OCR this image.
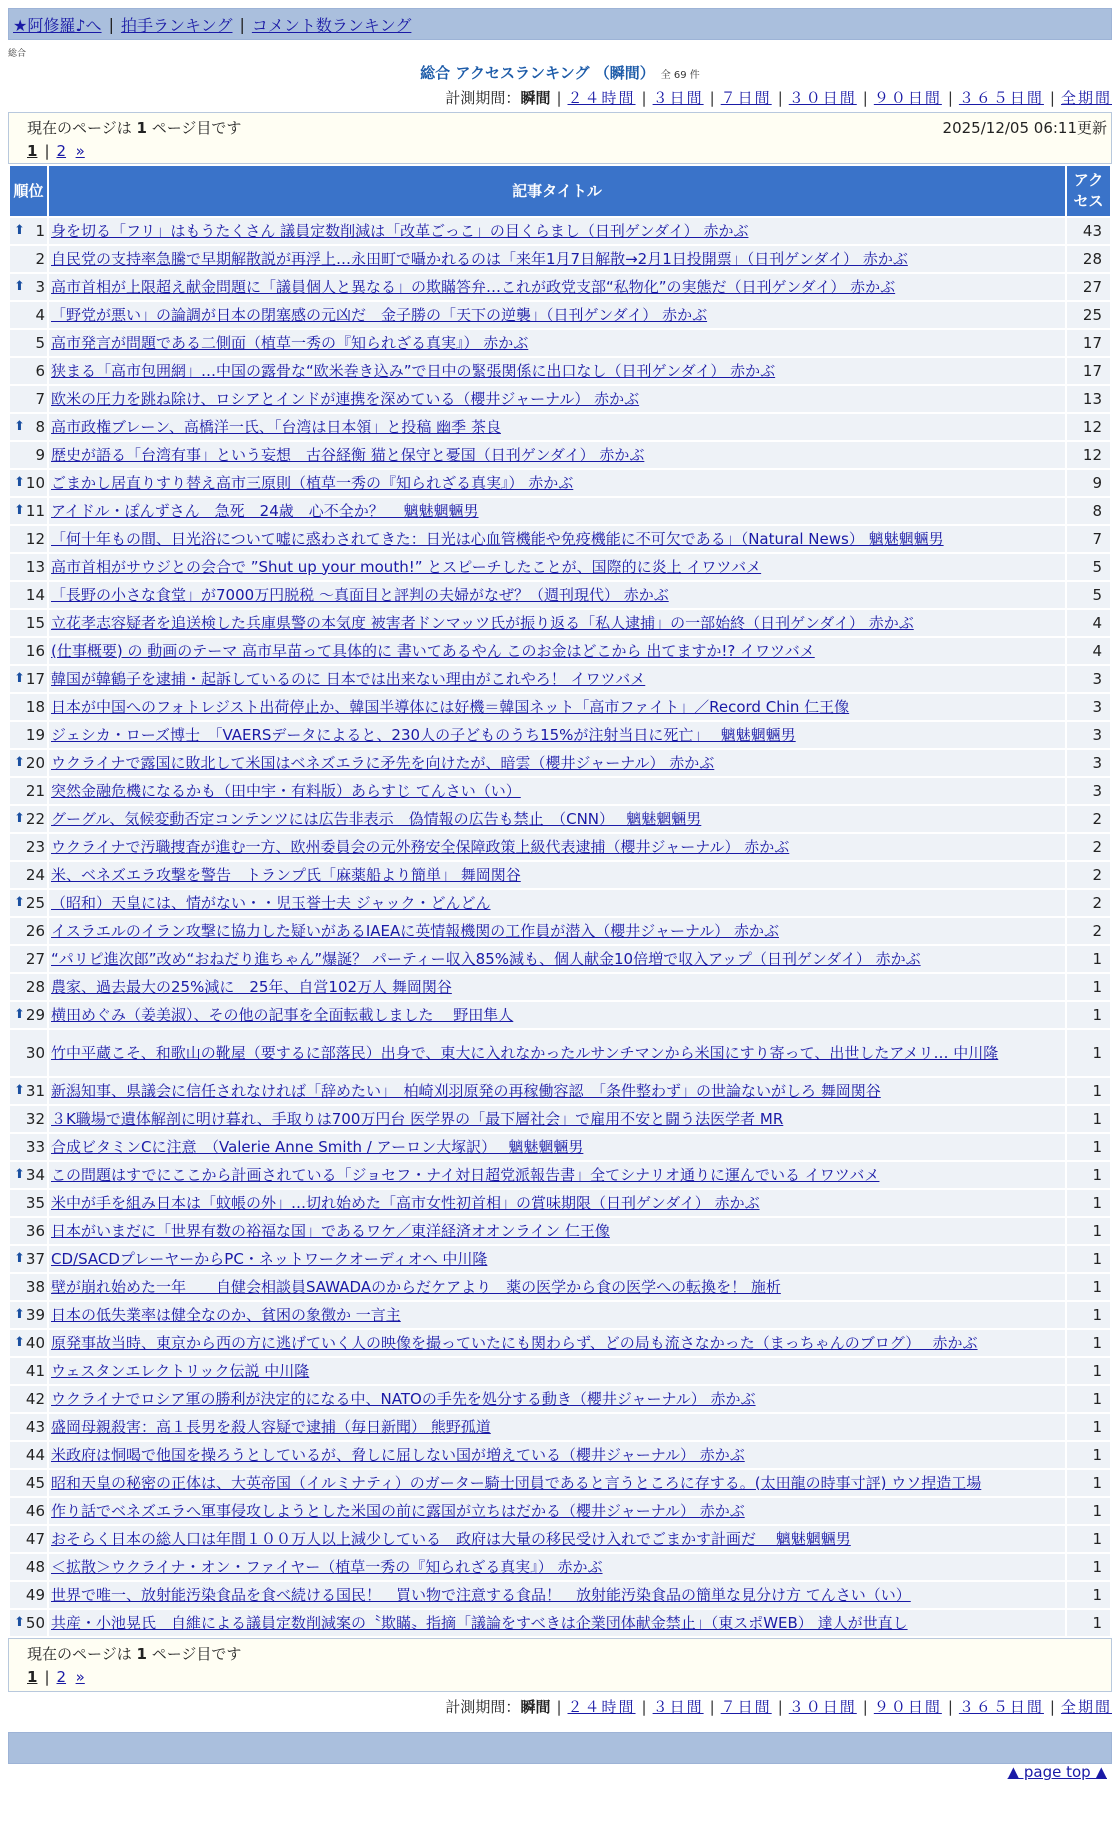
★阿修羅♪へ | 拍手ランキング | コメント数ランキング
総合
総合 アクセスランキング （瞬間） 全 69 件
計測期間：瞬間 | ２４時間 | ３日間 | ７日間 | ３０日間 | ９０日間 | ３６５日間 | 全期間
現在のページは 1 ページ目です	2025/12/05 06:11更新
1 | 2 »
順位	記事タイトル	アクセス

⬆ 1	身を切る「フリ」はもうたくさん 議員定数削減は「改革ごっこ」の目くらまし（日刊ゲンダイ） 赤かぶ	43
2	自民党の支持率急騰で早期解散説が再浮上…永田町で囁かれるのは「来年1月7日解散→2月1日投開票」（日刊ゲンダイ） 赤かぶ	28

⬆ 3	高市首相が上限超え献金問題に「議員個人と異なる」の欺瞞答弁…これが政党支部“私物化”の実態だ（日刊ゲンダイ） 赤かぶ	27
4	「野党が悪い」の論調が日本の閉塞感の元凶だ　金子勝の「天下の逆襲」（日刊ゲンダイ） 赤かぶ	25
5	高市発言が問題である二側面（植草一秀の『知られざる真実』） 赤かぶ	17
6	狭まる「高市包囲網」…中国の露骨な“欧米巻き込み”で日中の緊張関係に出口なし（日刊ゲンダイ） 赤かぶ	17
7	欧米の圧力を跳ね除け、ロシアとインドが連携を深めている（櫻井ジャーナル） 赤かぶ	13

⬆ 8	高市政権ブレーン、高橋洋一氏、「台湾は日本領」と投稿 幽季 茶良	12
9	歴史が語る「台湾有事」という妄想　古谷経衡 猫と保守と憂国（日刊ゲンダイ） 赤かぶ	12

⬆ 10	ごまかし居直りすり替え高市三原則（植草一秀の『知られざる真実』） 赤かぶ	9

⬆ 11	アイドル・ぽんずさん　急死　24歳　心不全か？　 魑魅魍魎男	8
12	「何十年もの間、日光浴について嘘に惑わされてきた：日光は心血管機能や免疫機能に不可欠である」（Natural News） 魑魅魍魎男	7
13	高市首相がサウジとの会合で ”Shut up your mouth!” とスピーチしたことが、国際的に炎上 イワツバメ	5
14	「長野の小さな食堂」が7000万円脱税 ～真面目と評判の夫婦がなぜ？（週刊現代） 赤かぶ	5
15	立花孝志容疑者を追送検した兵庫県警の本気度 被害者ドンマッツ氏が振り返る「私人逮捕」の一部始終（日刊ゲンダイ） 赤かぶ	4
16	(仕事概要) の 動画のテーマ 高市早苗って具体的に 書いてあるやん このお金はどこから 出てますか!? イワツバメ	4

⬆ 17	韓国が韓鶴子を逮捕・起訴しているのに 日本では出来ない理由がこれやろ！ イワツバメ	3
18	日本が中国へのフォトレジスト出荷停止か、韓国半導体には好機＝韓国ネット「高市ファイト」／Record Chin 仁王像	3
19	ジェシカ・ローズ博士　「VAERSデータによると、230人の子どものうち15%が注射当日に死亡」　 魑魅魍魎男	3

⬆ 20	ウクライナで露国に敗北して米国はベネズエラに矛先を向けたが、暗雲（櫻井ジャーナル） 赤かぶ	3
21	突然金融危機になるかも（田中宇・有料版）あらすじ てんさい（い）	3

⬆ 22	グーグル、気候変動否定コンテンツには広告非表示　偽情報の広告も禁止　（CNN）　 魑魅魍魎男	2
23	ウクライナで汚職捜査が進む一方、欧州委員会の元外務安全保障政策上級代表逮捕（櫻井ジャーナル） 赤かぶ	2
24	米、ベネズエラ攻撃を警告　トランプ氏「麻薬船より簡単」 舞岡関谷	2

⬆ 25	（昭和）天皇には、情がない・・児玉誉士夫 ジャック・どんどん	2
26	イスラエルのイラン攻撃に協力した疑いがあるIAEAに英情報機関の工作員が潜入（櫻井ジャーナル） 赤かぶ	2
27	“パリピ進次郎”改め“おねだり進ちゃん”爆誕？ パーティー収入85%減も、個人献金10倍増で収入アップ（日刊ゲンダイ） 赤かぶ	1
28	農家、過去最大の25%減に　25年、自営102万人 舞岡関谷	1

⬆ 29	横田めぐみ（姜美淑）、その他の記事を全面転載しました　 野田隼人	1
30	竹中平蔵こそ、和歌山の靴屋（要するに部落民）出身で、東大に入れなかったルサンチマンから米国にすり寄って、出世したアメリ… 中川隆	1

⬆ 31	新潟知事、県議会に信任されなければ「辞めたい」　柏崎刈羽原発の再稼働容認　「条件整わず」の世論ないがしろ 舞岡関谷	1
32	３K職場で遺体解剖に明け暮れ、手取りは700万円台 医学界の「最下層社会」で雇用不安と闘う法医学者 MR	1
33	合成ビタミンCに注意　（Valerie Anne Smith / アーロン大塚訳）　 魑魅魍魎男	1

⬆ 34	この問題はすでにここから計画されている「ジョセフ・ナイ対日超党派報告書」全てシナリオ通りに運んでいる イワツバメ	1
35	米中が手を組み日本は「蚊帳の外」…切れ始めた「高市女性初首相」の賞味期限（日刊ゲンダイ） 赤かぶ	1
36	日本がいまだに「世界有数の裕福な国」であるワケ／東洋経済オオンライン 仁王像	1

⬆ 37	CD/SACDプレーヤーからPC・ネットワークオーディオへ 中川隆	1
38	壁が崩れ始めた一年　　自健会相談員SAWADAのからだケアより　薬の医学から食の医学への転換を！ 施析	1

⬆ 39	日本の低失業率は健全なのか、貧困の象徴か 一言主	1

⬆ 40	原発事故当時、東京から西の方に逃げていく人の映像を撮っていたにも関わらず、どの局も流さなかった（まっちゃんのブログ）　 赤かぶ	1
41	ウェスタンエレクトリック伝説 中川隆	1
42	ウクライナでロシア軍の勝利が決定的になる中、NATOの手先を処分する動き（櫻井ジャーナル） 赤かぶ	1
43	盛岡母親殺害：高１長男を殺人容疑で逮捕（毎日新聞） 熊野孤道	1
44	米政府は恫喝で他国を操ろうとしているが、脅しに屈しない国が増えている（櫻井ジャーナル） 赤かぶ	1
45	昭和天皇の秘密の正体は、大英帝国（イルミナティ）のガーター騎士団員であると言うところに存する。(太田龍の時事寸評) ウソ捏造工場	1
46	作り話でベネズエラへ軍事侵攻しようとした米国の前に露国が立ちはだかる（櫻井ジャーナル） 赤かぶ	1
47	おそらく日本の総人口は年間１００万人以上減少している　政府は大量の移民受け入れでごまかす計画だ　 魑魅魍魎男	1
48	＜拡散＞ウクライナ・オン・ファイヤー（植草一秀の『知られざる真実』） 赤かぶ	1
49	世界で唯一、放射能汚染食品を食べ続ける国民！　買い物で注意する食品！　放射能汚染食品の簡単な見分け方 てんさい（い）	1

⬆ 50	共産・小池晃氏　自維による議員定数削減案の〝欺瞞〟指摘「議論をすべきは企業団体献金禁止」（東スポWEB） 達人が世直し	1
現在のページは 1 ページ目です
1 | 2 »
計測期間：瞬間 | ２４時間 | ３日間 | ７日間 | ３０日間 | ９０日間 | ３６５日間 | 全期間
▲ page top ▲
